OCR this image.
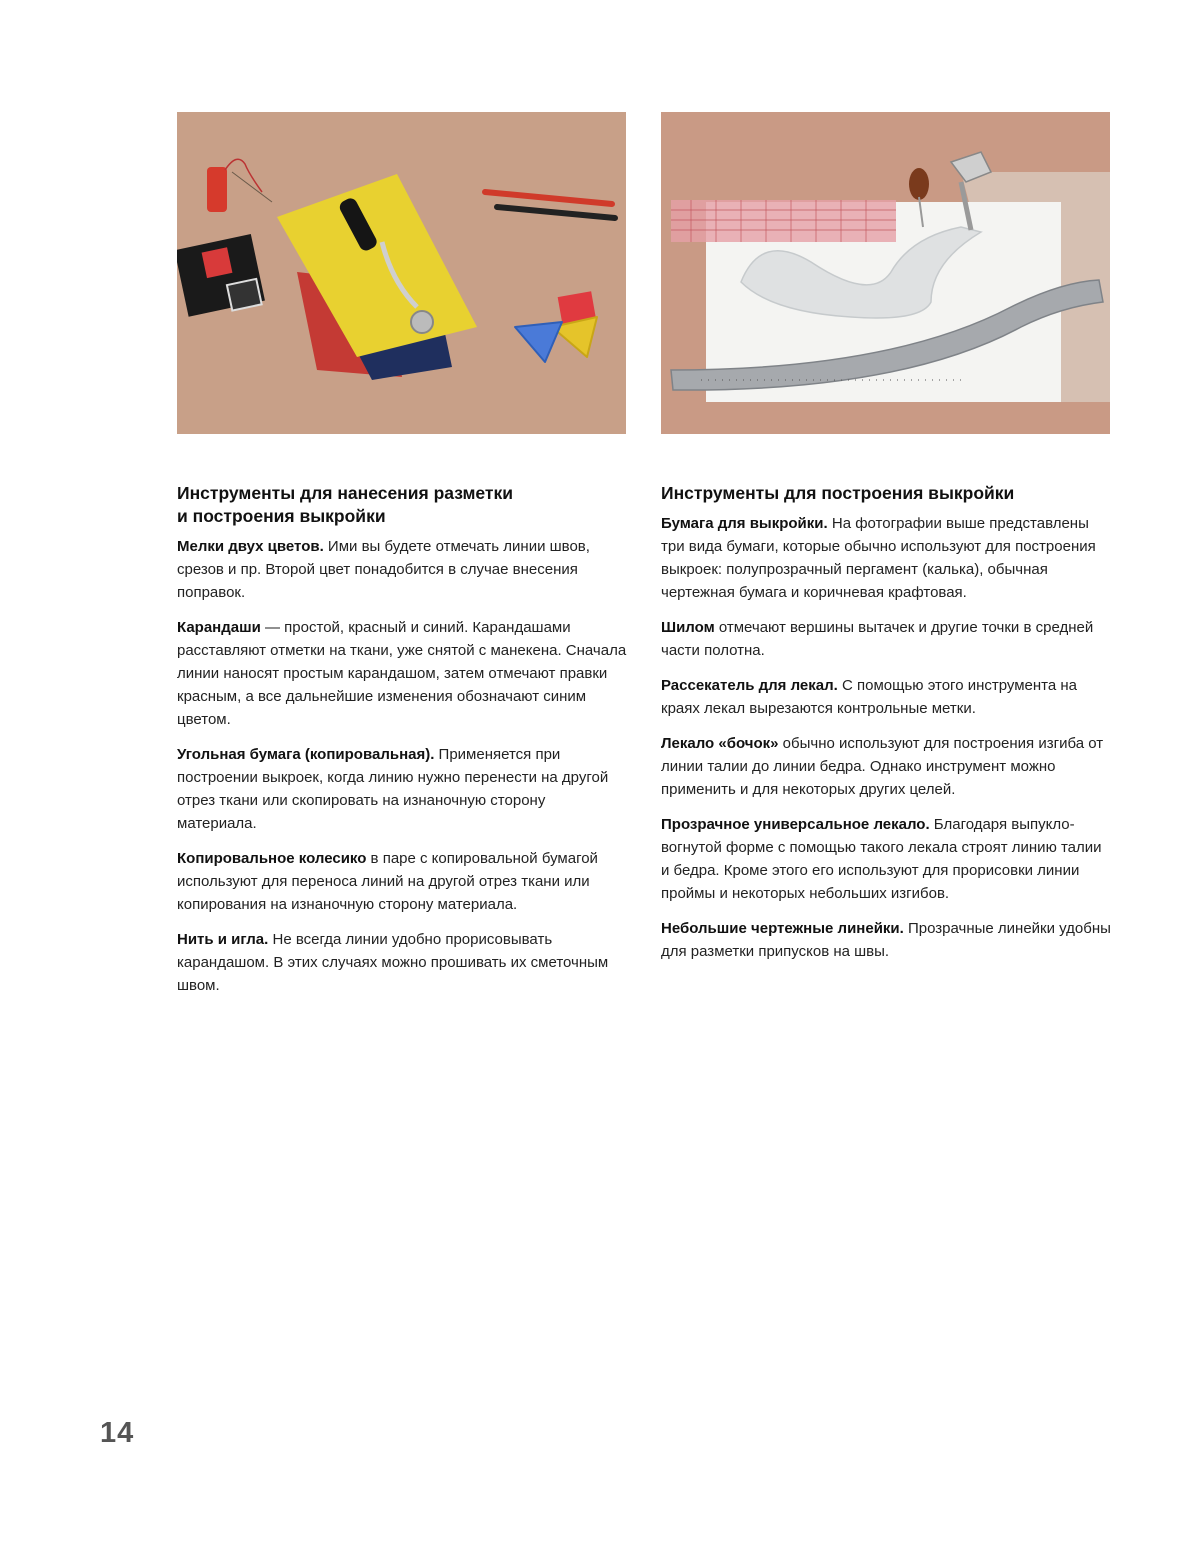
Инструменты для нанесения разметки
и построения выкройки

Мелки двух цветов. Ими вы будете отмечать линии швов, срезов и пр. Второй цвет понадобится в случае внесения поправок.

Карандаши — простой, красный и синий. Карандашами расставляют отметки на ткани, уже снятой с манекена. Сначала линии наносят простым карандашом, затем отмечают правки красным, а все дальнейшие изменения обозначают синим цветом.

Угольная бумага (копировальная). Применяется при построении выкроек, когда линию нужно перенести на другой отрез ткани или скопировать на изнаночную сторону материала.

Копировальное колесико в паре с копировальной бумагой используют для переноса линий на другой отрез ткани или копирования на изнаночную сторону материала.

Нить и игла. Не всегда линии удобно прорисовывать карандашом. В этих случаях можно прошивать их сметочным швом.

Инструменты для построения выкройки

Бумага для выкройки. На фотографии выше представлены три вида бумаги, которые обычно используют для построения выкроек: полупрозрачный пергамент (калька), обычная чертежная бумага и коричневая крафтовая.

Шилом отмечают вершины вытачек и другие точки в средней части полотна.

Рассекатель для лекал. С помощью этого инструмента на краях лекал вырезаются контрольные метки.

Лекало «бочок» обычно используют для построения изгиба от линии талии до линии бедра. Однако инструмент можно применить и для некоторых других целей.

Прозрачное универсальное лекало. Благодаря выпукло-вогнутой форме с помощью такого лекала строят линию талии и бедра. Кроме этого его используют для прорисовки линии проймы и некоторых небольших изгибов.

Небольшие чертежные линейки. Прозрачные линейки удобны для разметки припусков на швы.

14
